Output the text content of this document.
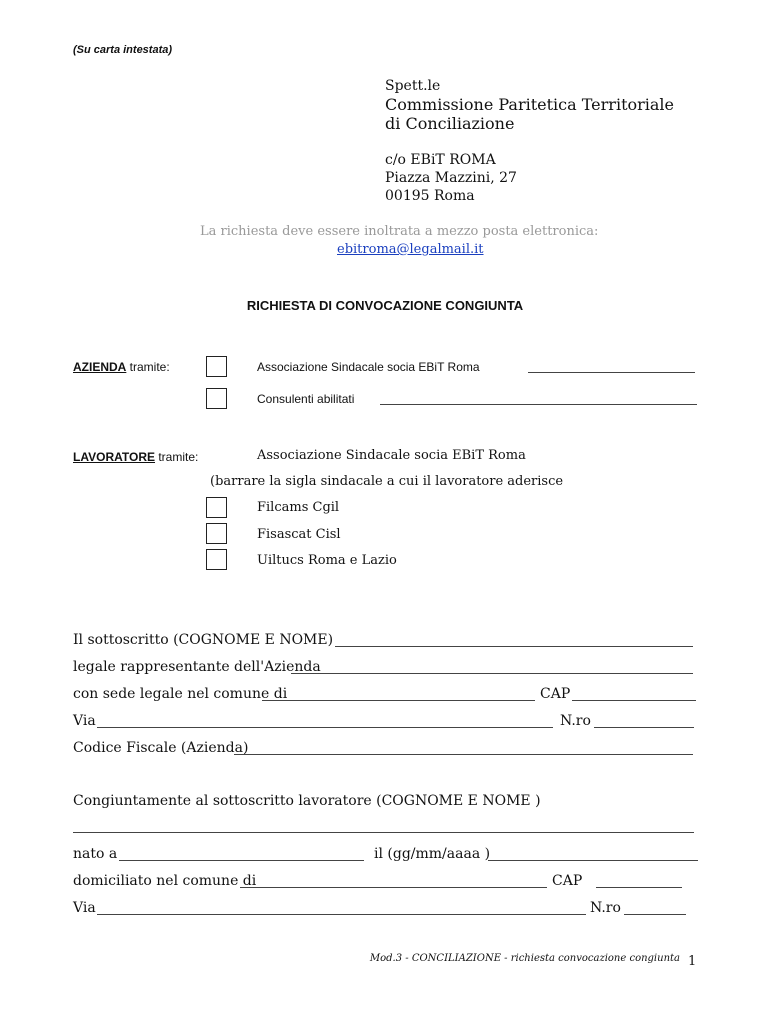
(Su carta intestata)
Spett.le
Commissione Paritetica Territoriale
di Conciliazione
c/o EBiT ROMA
Piazza Mazzini, 27
00195 Roma
La richiesta deve essere inoltrata a mezzo posta elettronica:
ebitroma@legalmail.it
RICHIESTA DI CONVOCAZIONE CONGIUNTA
AZIENDA tramite:	Associazione Sindacale socia EBiT Roma
Consulenti abilitati
LAVORATORE tramite:	Associazione Sindacale socia EBiT Roma
(barrare la sigla sindacale a cui il lavoratore aderisce
Filcams Cgil
Fisascat Cisl
Uiltucs Roma e Lazio
Il sottoscritto (COGNOME E NOME)
legale rappresentante dell'Azienda
con sede legale nel comune di	CAP
Via	N.ro
Codice Fiscale (Azienda)
Congiuntamente al sottoscritto lavoratore (COGNOME E NOME )
nato a	il (gg/mm/aaaa )
domiciliato nel comune di	CAP
Via	N.ro
Mod.3 - CONCILIAZIONE - richiesta convocazione congiunta 1
